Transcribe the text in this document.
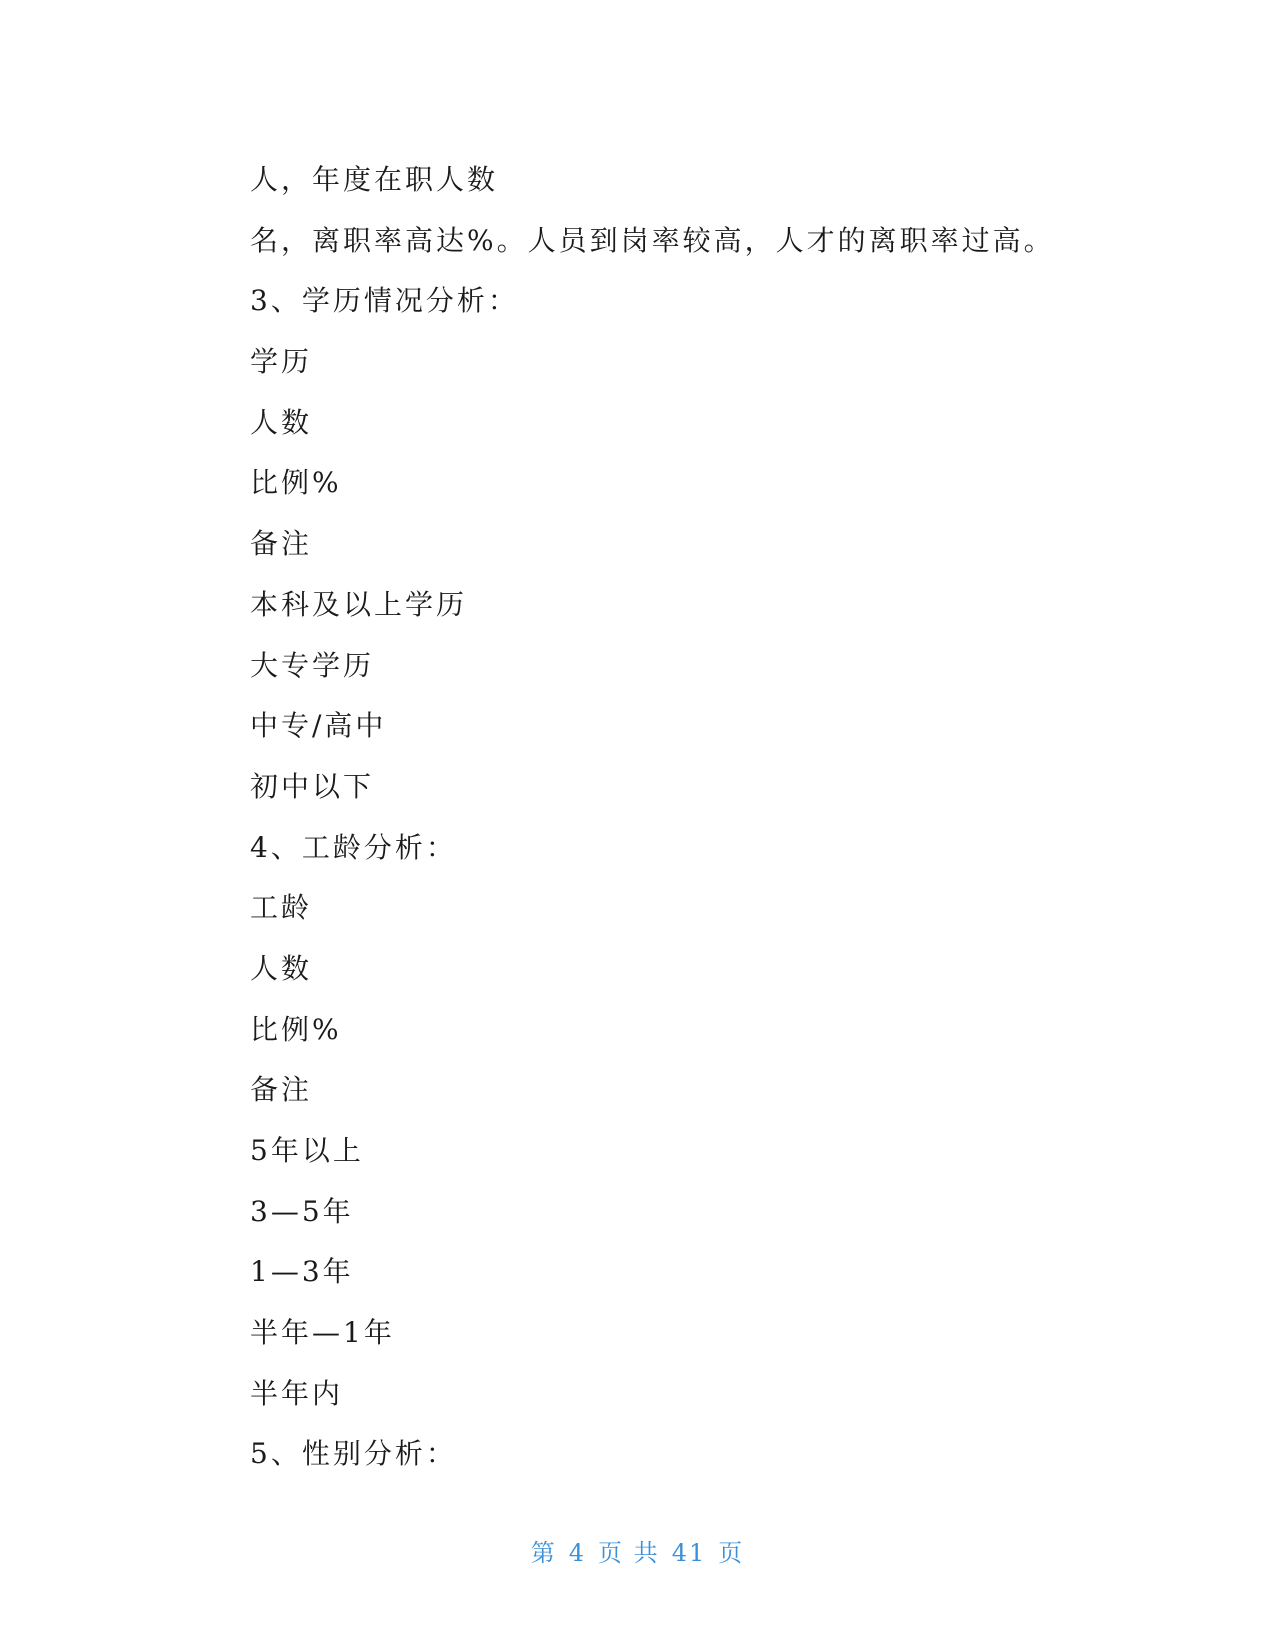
人，年度在职人数
名，离职率高达%。人员到岗率较高，人才的离职率过高。
3、学历情况分析：
学历
人数
比例%
备注
本科及以上学历
大专学历
中专/高中
初中以下
4、工龄分析：
工龄
人数
比例%
备注
5年以上
3—5年
1—3年
半年—1年
半年内
5、性别分析：
第 4 页 共 41 页
